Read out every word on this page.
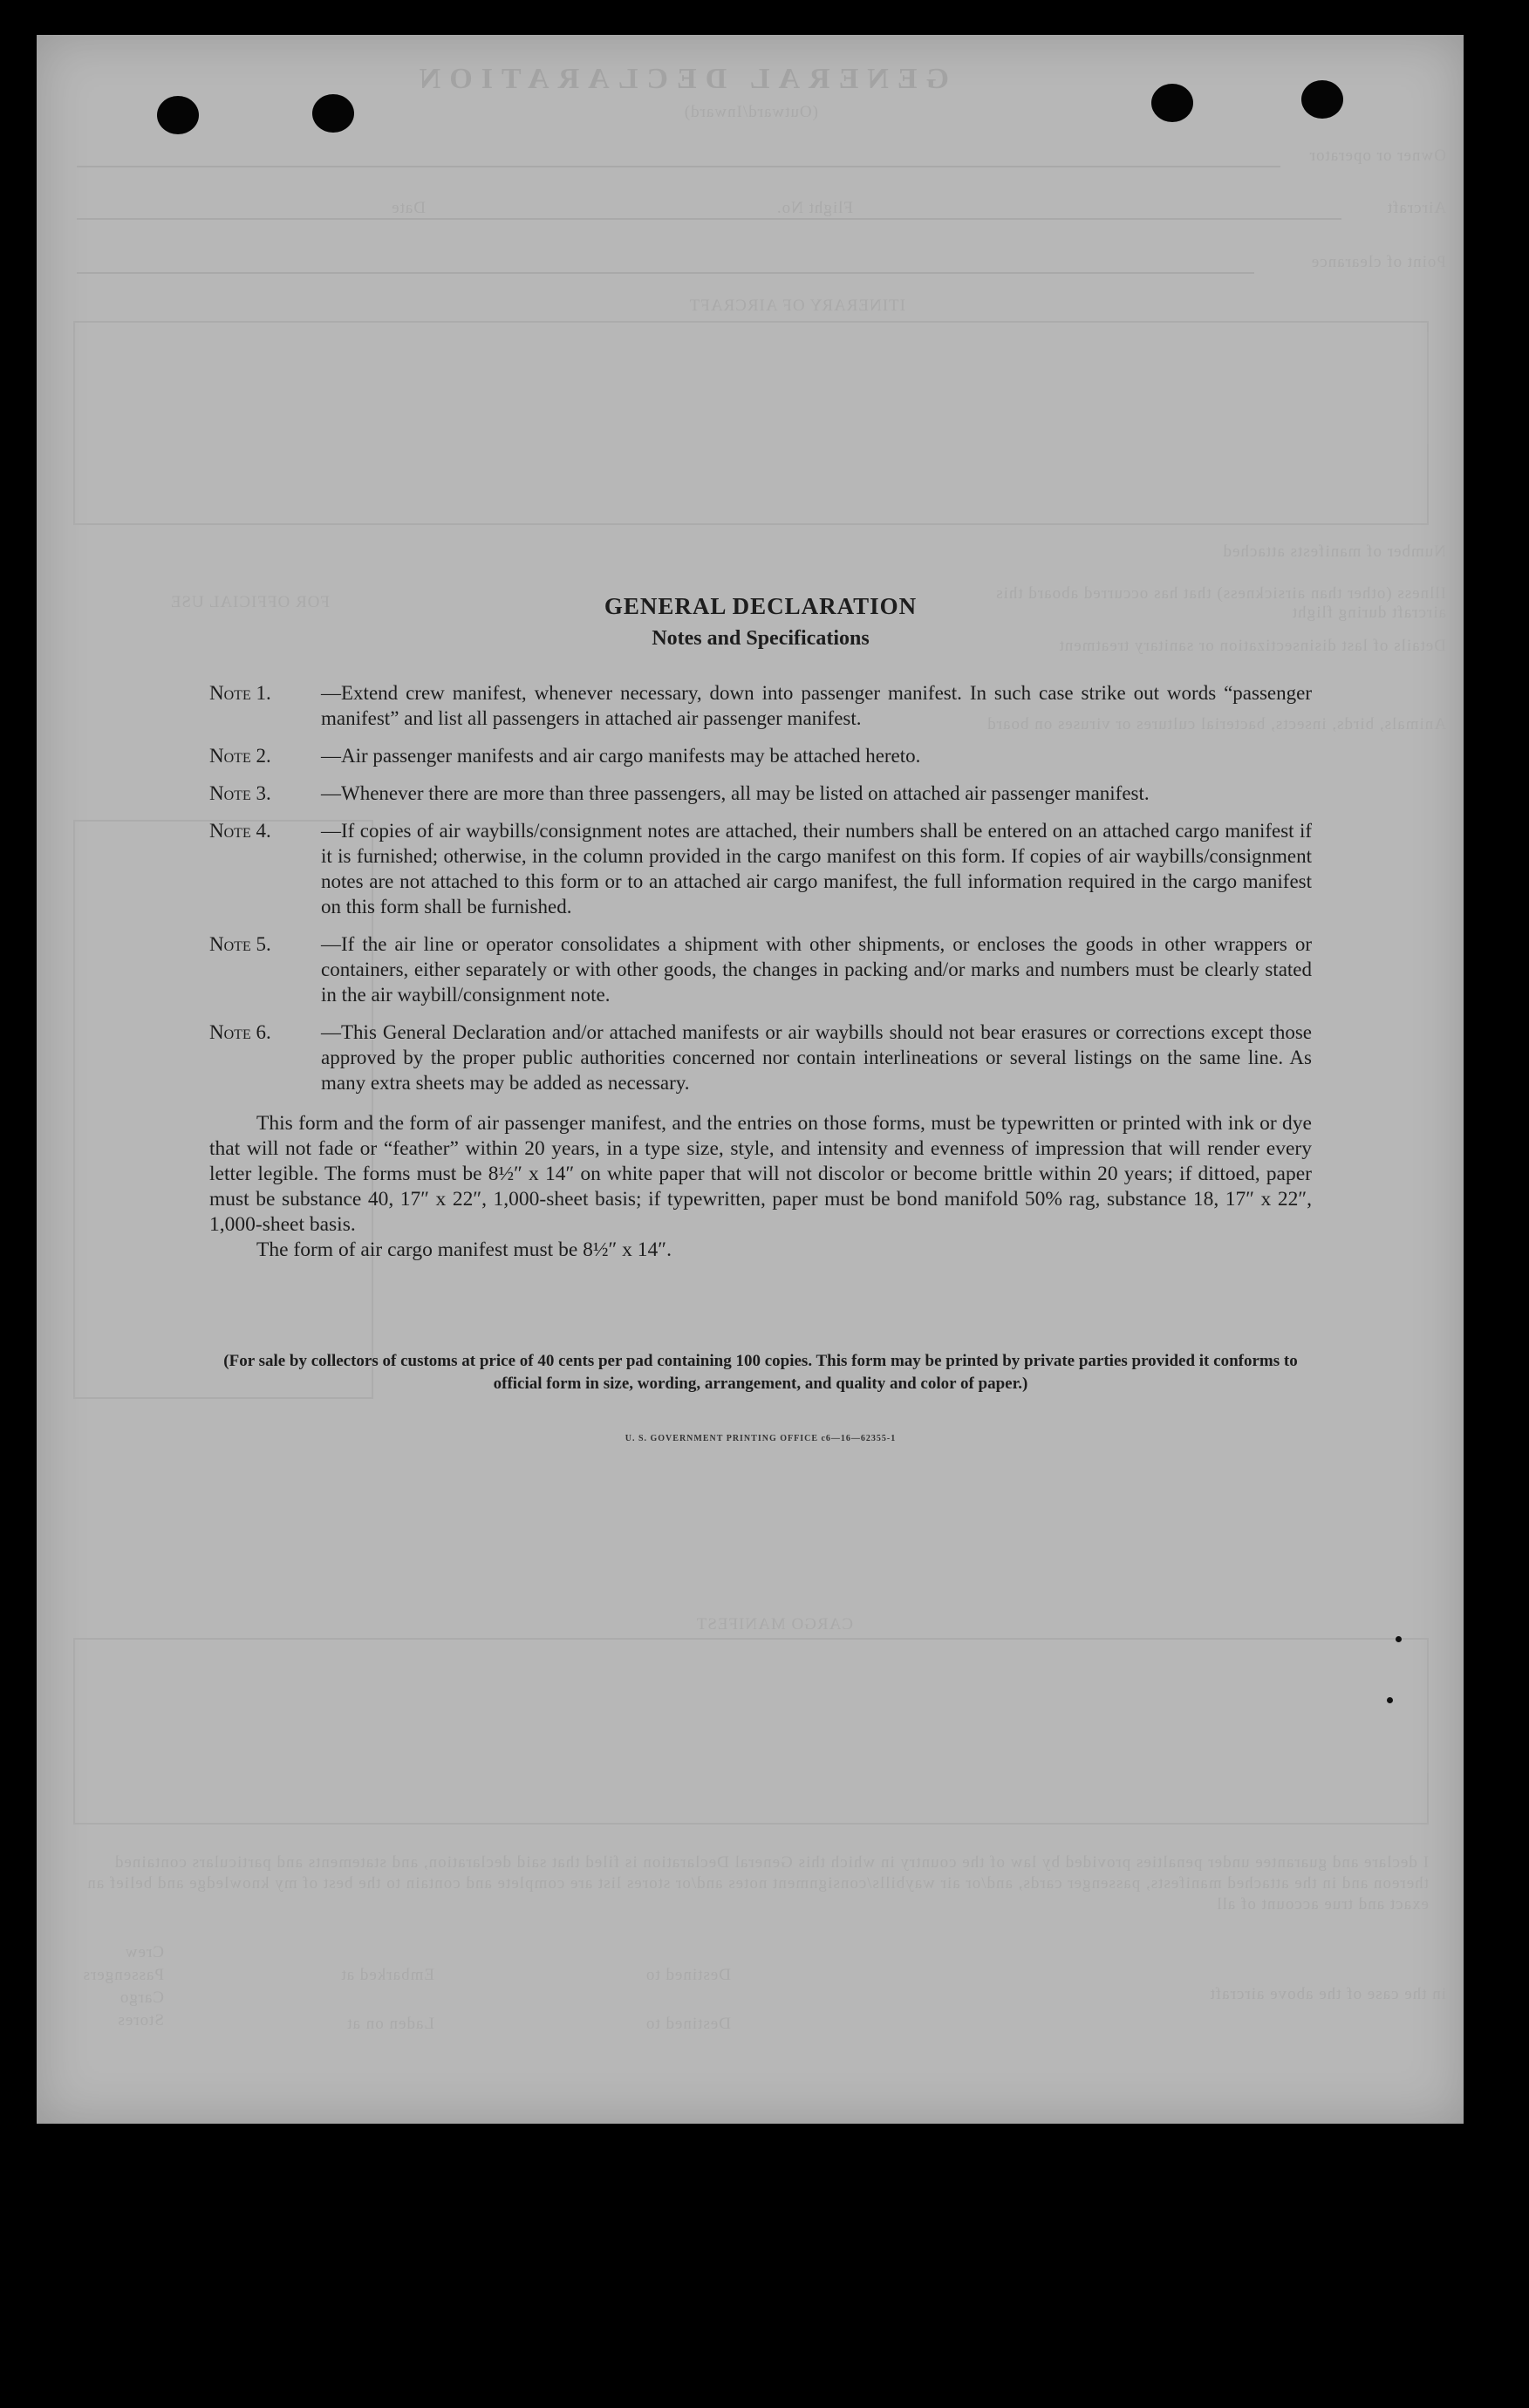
GENERAL DECLARATION
(Outward/Inward)
Owner or operator
Aircraft
Flight No.
Date
Point of clearance
ITINERARY OF AIRCRAFT
Number of manifests attached
Illness (other than airsickness) that has occurred aboard this aircraft during flight
FOR OFFICIAL USE
Details of last disinsectization or sanitary treatment
Animals, birds, insects, bacterial cultures or viruses on board
CARGO MANIFEST
I declare and guarantee under penalties provided by law of the country in which this General Declaration is filed that said declaration, and statements and particulars contained thereon and in the attached manifests, passenger cards, and/or air waybills/consignment notes and/or stores list are complete and contain to the best of my knowledge and belief an exact and true account of all
Crew
Passengers
Cargo
Stores
Embarked at	Destined to
Laden on at	Destined to
in the case of the above aircraft
GENERAL DECLARATION
Notes and Specifications
Note 1.	—Extend crew manifest, whenever necessary, down into passenger manifest. In such case strike out words “passenger manifest” and list all passengers in attached air passenger manifest.
Note 2.	—Air passenger manifests and air cargo manifests may be attached hereto.
Note 3.	—Whenever there are more than three passengers, all may be listed on attached air passenger manifest.
Note 4.	—If copies of air waybills/consignment notes are attached, their numbers shall be entered on an attached cargo manifest if it is furnished; otherwise, in the column provided in the cargo manifest on this form. If copies of air waybills/consignment notes are not attached to this form or to an attached air cargo manifest, the full information required in the cargo manifest on this form shall be furnished.
Note 5.	—If the air line or operator consolidates a shipment with other shipments, or encloses the goods in other wrappers or containers, either separately or with other goods, the changes in packing and/or marks and numbers must be clearly stated in the air waybill/consignment note.
Note 6.	—This General Declaration and/or attached manifests or air waybills should not bear erasures or corrections except those approved by the proper public authorities concerned nor contain interlineations or several listings on the same line. As many extra sheets may be added as necessary.
This form and the form of air passenger manifest, and the entries on those forms, must be typewritten or printed with ink or dye that will not fade or “feather” within 20 years, in a type size, style, and intensity and evenness of impression that will render every letter legible. The forms must be 8½″ x 14″ on white paper that will not discolor or become brittle within 20 years; if dittoed, paper must be substance 40, 17″ x 22″, 1,000-sheet basis; if typewritten, paper must be bond manifold 50% rag, substance 18, 17″ x 22″, 1,000-sheet basis.
The form of air cargo manifest must be 8½″ x 14″.
(For sale by collectors of customs at price of 40 cents per pad containing 100 copies. This form may be printed by private parties provided it conforms to official form in size, wording, arrangement, and quality and color of paper.)
U. S. GOVERNMENT PRINTING OFFICE c6—16—62355-1
